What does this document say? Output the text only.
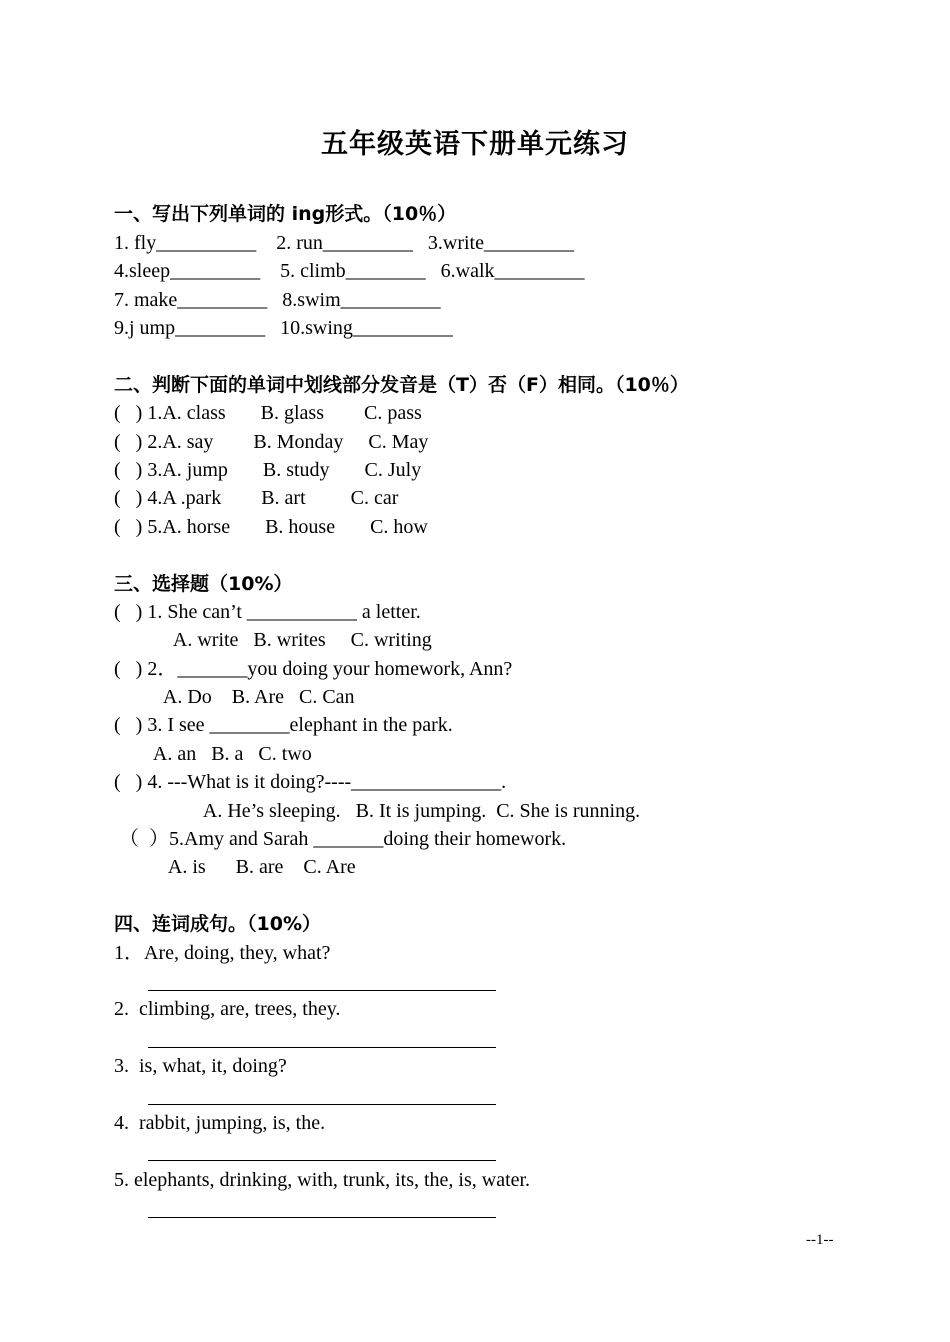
五年级英语下册单元练习
一、写出下列单词的 ing形式。（10％）
1. fly__________    2. run_________   3.write_________
4.sleep_________    5. climb________   6.walk_________
7. make_________   8.swim__________
9.j ump_________   10.swing__________
二、判断下面的单词中划线部分发音是（T）否（F）相同。（10％）
(   ) 1.A. class       B. glass        C. pass
(   ) 2.A. say        B. Monday     C. May
(   ) 3.A. jump       B. study       C. July
(   ) 4.A .park        B. art         C. car
(   ) 5.A. horse       B. house       C. how
三、选择题（10%）
(   ) 1. She can’t ___________ a letter.
A. write   B. writes     C. writing
(   ) 2．_______you doing your homework, Ann?
A. Do    B. Are   C. Can
(   ) 3. I see ________elephant in the park.
A. an   B. a   C. two
(   ) 4. ---What is it doing?----_______________.
A. He’s sleeping.   B. It is jumping.  C. She is running.
（  ）5.Amy and Sarah _______doing their homework.
A. is      B. are    C. Are
四、连词成句。（10%）
1．Are, doing, they, what?
2.  climbing, are, trees, they.
3.  is, what, it, doing?
4.  rabbit, jumping, is, the.
5. elephants, drinking, with, trunk, its, the, is, water.
--1--
